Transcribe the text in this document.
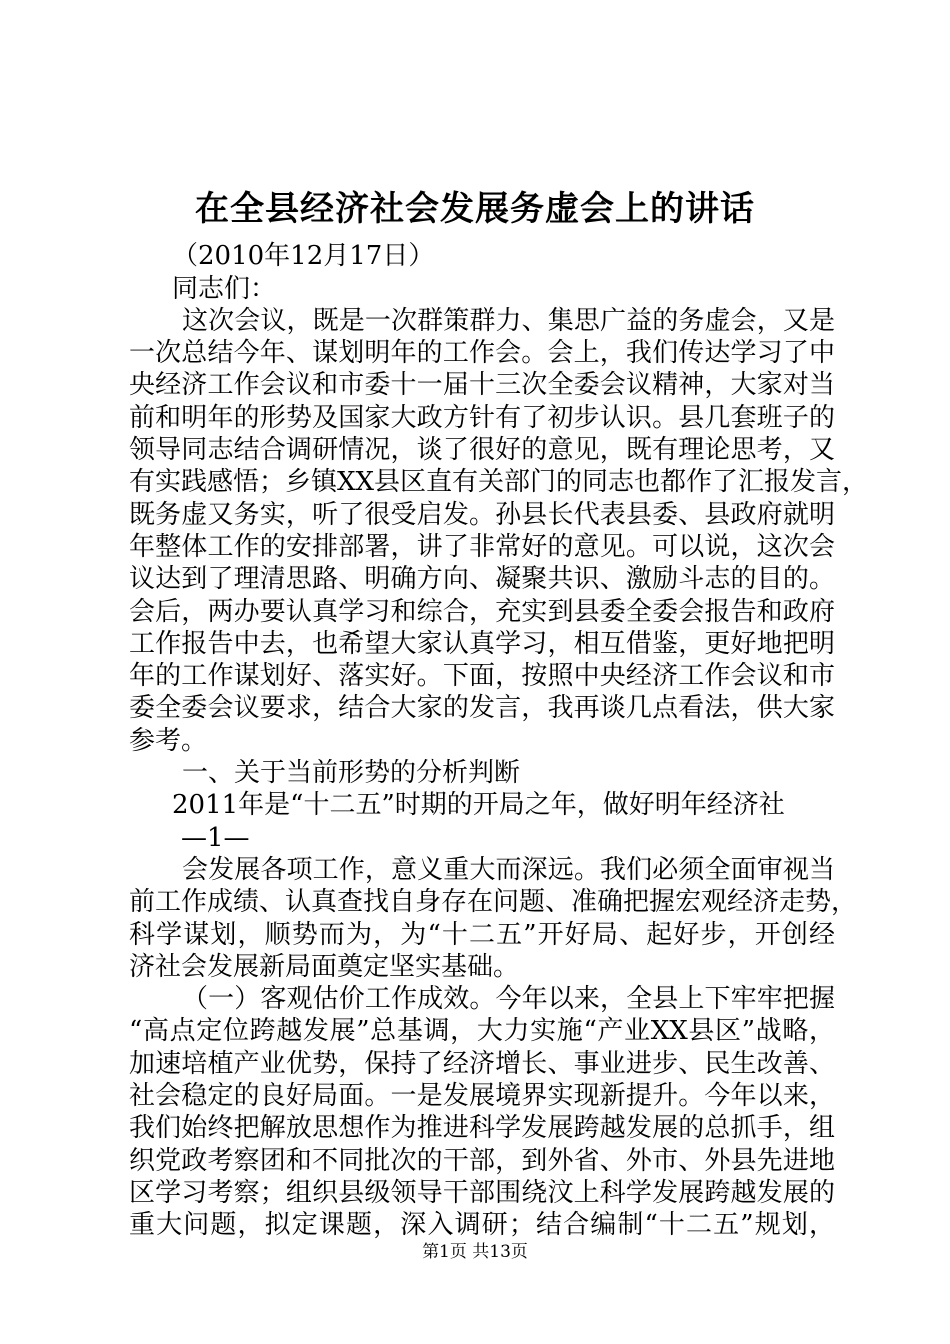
在全县经济社会发展务虚会上的讲话
（2010年12月17日）
同志们：
这次会议，既是一次群策群力、集思广益的务虚会，又是
一次总结今年、谋划明年的工作会。会上，我们传达学习了中
央经济工作会议和市委十一届十三次全委会议精神，大家对当
前和明年的形势及国家大政方针有了初步认识。县几套班子的
领导同志结合调研情况，谈了很好的意见，既有理论思考，又
有实践感悟；乡镇XX县区直有关部门的同志也都作了汇报发言，
既务虚又务实，听了很受启发。孙县长代表县委、县政府就明
年整体工作的安排部署，讲了非常好的意见。可以说，这次会
议达到了理清思路、明确方向、凝聚共识、激励斗志的目的。
会后，两办要认真学习和综合，充实到县委全委会报告和政府
工作报告中去，也希望大家认真学习，相互借鉴，更好地把明
年的工作谋划好、落实好。下面，按照中央经济工作会议和市
委全委会议要求，结合大家的发言，我再谈几点看法，供大家
参考。
一、关于当前形势的分析判断
2011年是“十二五”时期的开局之年，做好明年经济社
—1—
会发展各项工作，意义重大而深远。我们必须全面审视当
前工作成绩、认真查找自身存在问题、准确把握宏观经济走势，
科学谋划，顺势而为，为“十二五”开好局、起好步，开创经
济社会发展新局面奠定坚实基础。
（一）客观估价工作成效。今年以来，全县上下牢牢把握
“高点定位跨越发展”总基调，大力实施“产业XX县区”战略，
加速培植产业优势，保持了经济增长、事业进步、民生改善、
社会稳定的良好局面。一是发展境界实现新提升。今年以来，
我们始终把解放思想作为推进科学发展跨越发展的总抓手，组
织党政考察团和不同批次的干部，到外省、外市、外县先进地
区学习考察；组织县级领导干部围绕汶上科学发展跨越发展的
重大问题，拟定课题，深入调研；结合编制“十二五”规划，
第1页 共13页
